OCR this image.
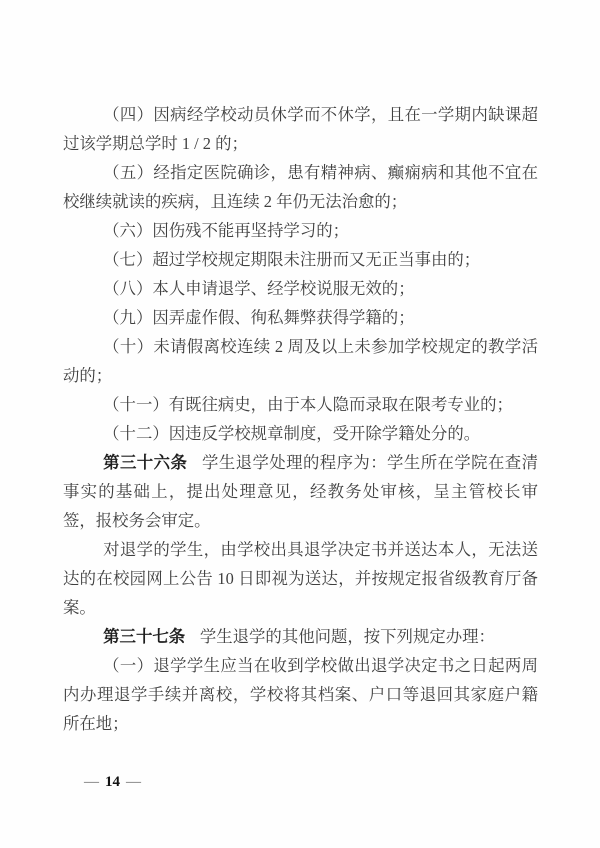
（四）因病经学校动员休学而不休学，且在一学期内缺课超过该学期总学时 1 / 2 的；

（五）经指定医院确诊，患有精神病、癫痫病和其他不宜在校继续就读的疾病，且连续 2 年仍无法治愈的；

（六）因伤残不能再坚持学习的；

（七）超过学校规定期限未注册而又无正当事由的；

（八）本人申请退学、经学校说服无效的；

（九）因弄虚作假、徇私舞弊获得学籍的；

（十）未请假离校连续 2 周及以上未参加学校规定的教学活动的；

（十一）有既往病史，由于本人隐而录取在限考专业的；

（十二）因违反学校规章制度，受开除学籍处分的。

第三十六条 学生退学处理的程序为：学生所在学院在查清事实的基础上，提出处理意见，经教务处审核，呈主管校长审签，报校务会审定。

对退学的学生，由学校出具退学决定书并送达本人，无法送达的在校园网上公告 10 日即视为送达，并按规定报省级教育厅备案。

第三十七条 学生退学的其他问题，按下列规定办理：

（一）退学学生应当在收到学校做出退学决定书之日起两周内办理退学手续并离校，学校将其档案、户口等退回其家庭户籍所在地；

— 14 —
